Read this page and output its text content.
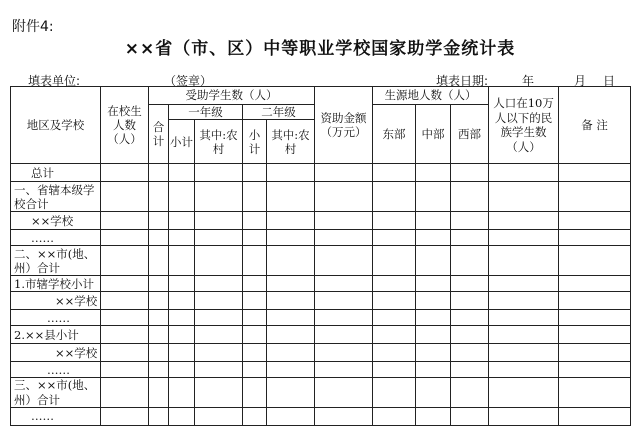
附件4:
××省（市、区）中等职业学校国家助学金统计表
填表单位:	（签章）	填表日期:	年	月 日
地区及学校	在校生人数（人）	受助学生数（人）					资助金额（万元）	生源地人数（人）			人口在10万人以下的民族学生数（人）	备 注
		合计	一年级		二年级			东部	中部	西部		
			小计	其中:农村	小计	其中:农村						
总计												
一、省辖本级学校合计												
××学校												
……												
二、××市(地、州）合计												
1.市辖学校小计												
××学校												
……												
2.××县小计												
××学校												
……												
三、××市(地、州）合计												
……												
